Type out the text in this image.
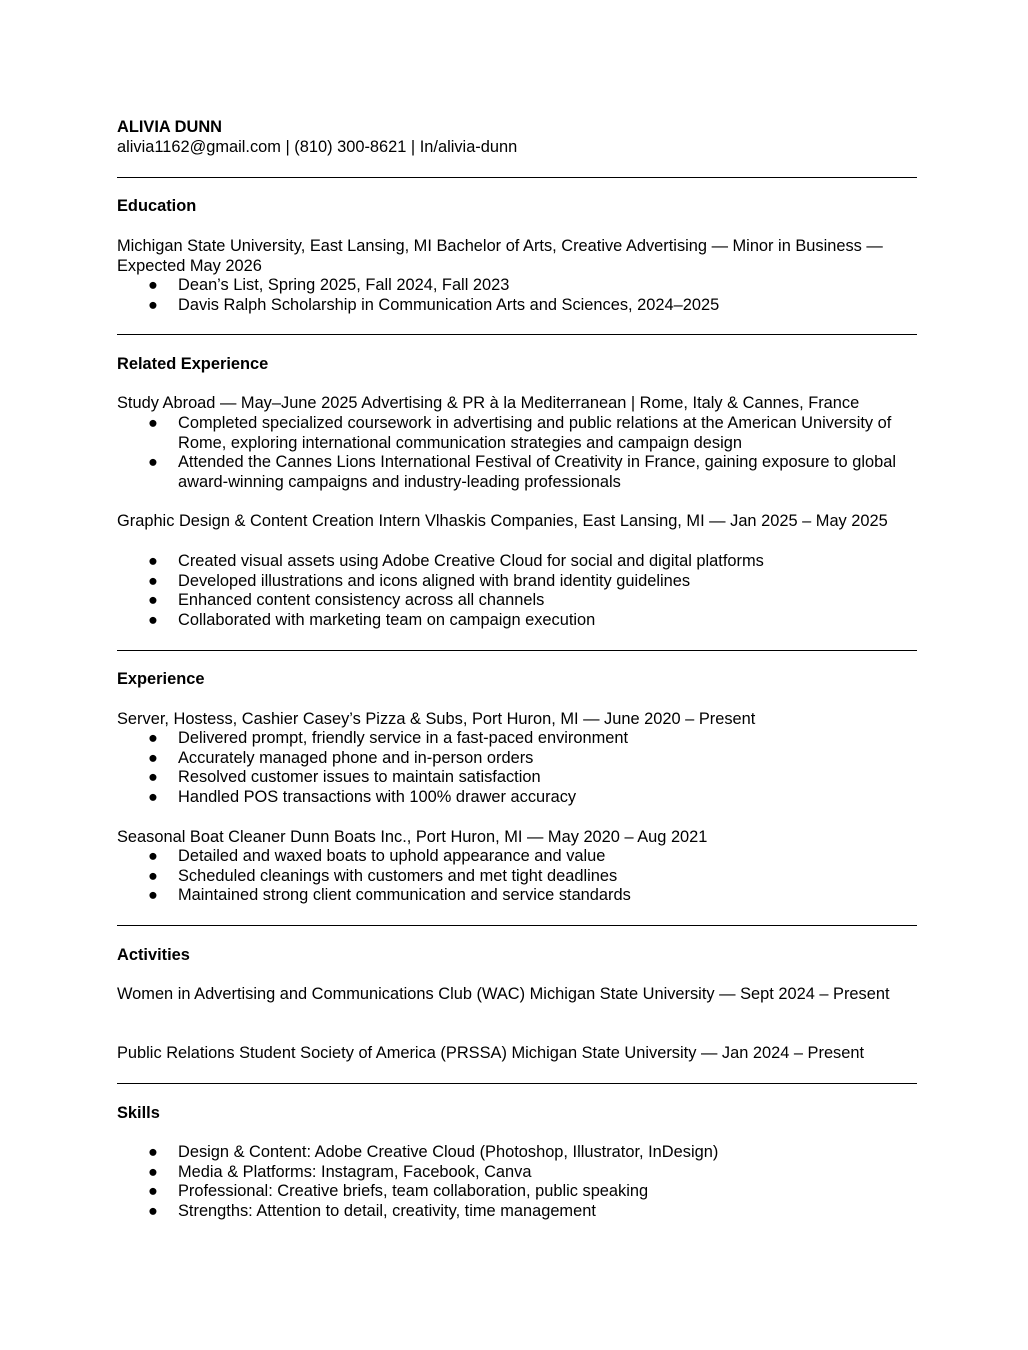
ALIVIA DUNN
alivia1162@gmail.com | (810) 300-8621 | In/alivia-dunn
Education
Michigan State University, East Lansing, MI Bachelor of Arts, Creative Advertising — Minor in Business — Expected May 2026
● Dean’s List, Spring 2025, Fall 2024, Fall 2023
● Davis Ralph Scholarship in Communication Arts and Sciences, 2024–2025
Related Experience
Study Abroad — May–June 2025 Advertising & PR à la Mediterranean | Rome, Italy & Cannes, France
● Completed specialized coursework in advertising and public relations at the American University of Rome, exploring international communication strategies and campaign design
● Attended the Cannes Lions International Festival of Creativity in France, gaining exposure to global award-winning campaigns and industry-leading professionals
Graphic Design & Content Creation Intern Vlhaskis Companies, East Lansing, MI — Jan 2025 – May 2025
● Created visual assets using Adobe Creative Cloud for social and digital platforms
● Developed illustrations and icons aligned with brand identity guidelines
● Enhanced content consistency across all channels
● Collaborated with marketing team on campaign execution
Experience
Server, Hostess, Cashier Casey’s Pizza & Subs, Port Huron, MI — June 2020 – Present
● Delivered prompt, friendly service in a fast-paced environment
● Accurately managed phone and in-person orders
● Resolved customer issues to maintain satisfaction
● Handled POS transactions with 100% drawer accuracy
Seasonal Boat Cleaner Dunn Boats Inc., Port Huron, MI — May 2020 – Aug 2021
● Detailed and waxed boats to uphold appearance and value
● Scheduled cleanings with customers and met tight deadlines
● Maintained strong client communication and service standards
Activities
Women in Advertising and Communications Club (WAC) Michigan State University — Sept 2024 – Present
Public Relations Student Society of America (PRSSA) Michigan State University — Jan 2024 – Present
Skills
● Design & Content: Adobe Creative Cloud (Photoshop, Illustrator, InDesign)
● Media & Platforms: Instagram, Facebook, Canva
● Professional: Creative briefs, team collaboration, public speaking
● Strengths: Attention to detail, creativity, time management
